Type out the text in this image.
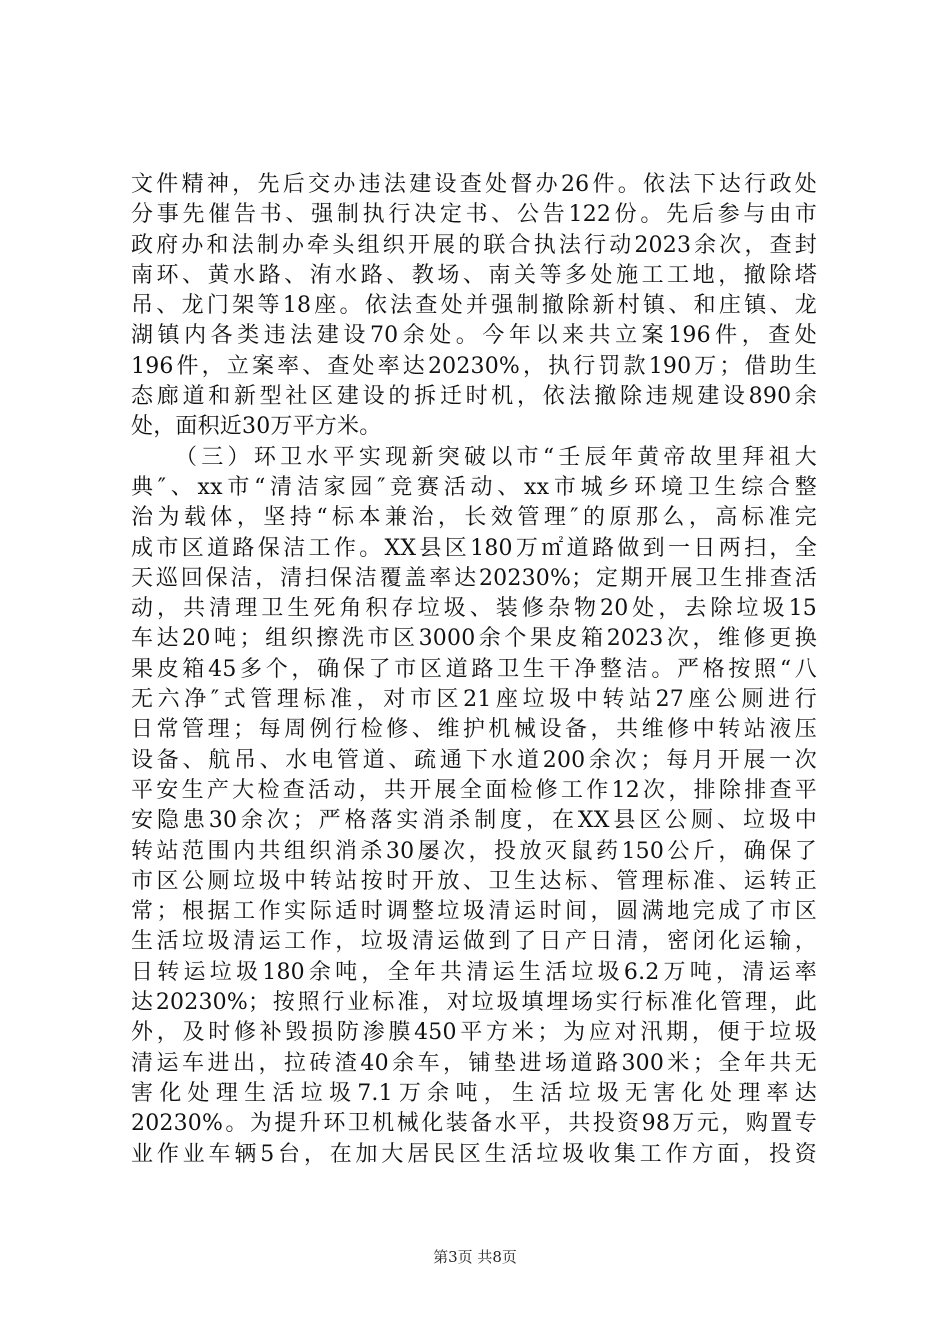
文件精神，先后交办违法建设查处督办26件。依法下达行政处
分事先催告书、强制执行决定书、公告122份。先后参与由市
政府办和法制办牵头组织开展的联合执法行动2023余次，查封
南环、黄水路、洧水路、教场、南关等多处施工工地，撤除塔
吊、龙门架等18座。依法查处并强制撤除新村镇、和庄镇、龙
湖镇内各类违法建设70余处。今年以来共立案196件，查处
196件，立案率、查处率达20230%，执行罚款190万；借助生
态廊道和新型社区建设的拆迁时机，依法撤除违规建设890余
处，面积近30万平方米。
（三）环卫水平实现新突破以市“壬辰年黄帝故里拜祖大
典″、xx市“清洁家园″竞赛活动、xx市城乡环境卫生综合整
治为载体，坚持“标本兼治，长效管理″的原那么，高标准完
成市区道路保洁工作。XX县区180万㎡道路做到一日两扫，全
天巡回保洁，清扫保洁覆盖率达20230%；定期开展卫生排查活
动，共清理卫生死角积存垃圾、装修杂物20处，去除垃圾15
车达20吨；组织擦洗市区3000余个果皮箱2023次，维修更换
果皮箱45多个，确保了市区道路卫生干净整洁。严格按照“八
无六净″式管理标准，对市区21座垃圾中转站27座公厕进行
日常管理；每周例行检修、维护机械设备，共维修中转站液压
设备、航吊、水电管道、疏通下水道200余次；每月开展一次
平安生产大检查活动，共开展全面检修工作12次，排除排查平
安隐患30余次；严格落实消杀制度，在XX县区公厕、垃圾中
转站范围内共组织消杀30屡次，投放灭鼠药150公斤，确保了
市区公厕垃圾中转站按时开放、卫生达标、管理标准、运转正
常；根据工作实际适时调整垃圾清运时间，圆满地完成了市区
生活垃圾清运工作，垃圾清运做到了日产日清，密闭化运输，
日转运垃圾180余吨，全年共清运生活垃圾6.2万吨，清运率
达20230%；按照行业标准，对垃圾填埋场实行标准化管理，此
外，及时修补毁损防渗膜450平方米；为应对汛期，便于垃圾
清运车进出，拉砖渣40余车，铺垫进场道路300米；全年共无
害化处理生活垃圾7.1万余吨，生活垃圾无害化处理率达
20230%。为提升环卫机械化装备水平，共投资98万元，购置专
业作业车辆5台，在加大居民区生活垃圾收集工作方面，投资
第3页 共8页
